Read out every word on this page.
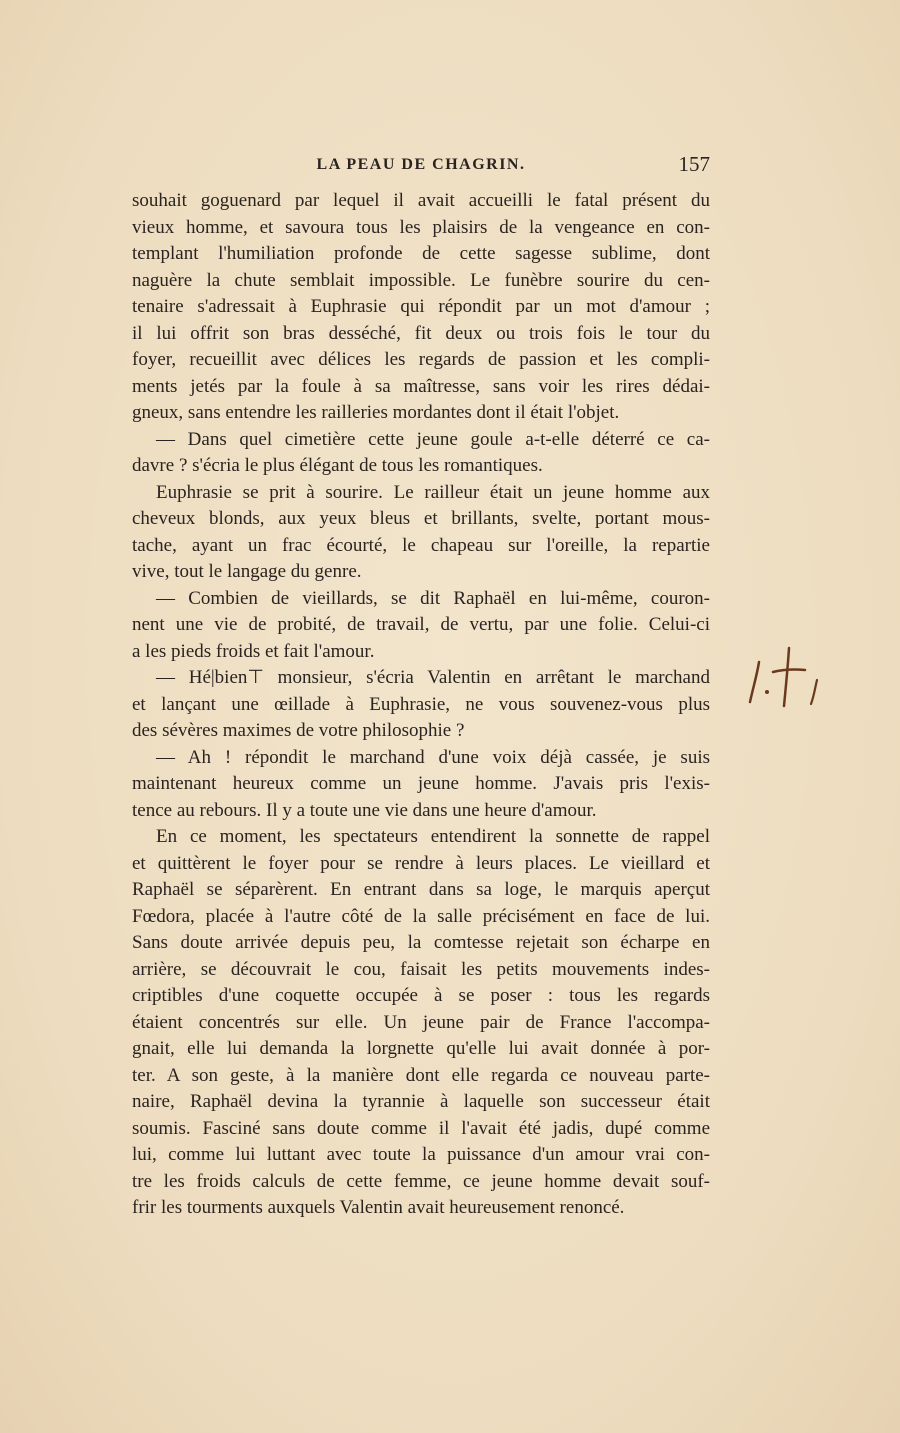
LA PEAU DE CHAGRIN.	157
souhait goguenard par lequel il avait accueilli le fatal présent du
vieux homme, et savoura tous les plaisirs de la vengeance en con-
templant l'humiliation profonde de cette sagesse sublime, dont
naguère la chute semblait impossible. Le funèbre sourire du cen-
tenaire s'adressait à Euphrasie qui répondit par un mot d'amour ;
il lui offrit son bras desséché, fit deux ou trois fois le tour du
foyer, recueillit avec délices les regards de passion et les compli-
ments jetés par la foule à sa maîtresse, sans voir les rires dédai-
gneux, sans entendre les railleries mordantes dont il était l'objet.
— Dans quel cimetière cette jeune goule a-t-elle déterré ce ca-
davre ? s'écria le plus élégant de tous les romantiques.
Euphrasie se prit à sourire. Le railleur était un jeune homme aux
cheveux blonds, aux yeux bleus et brillants, svelte, portant mous-
tache, ayant un frac écourté, le chapeau sur l'oreille, la repartie
vive, tout le langage du genre.
— Combien de vieillards, se dit Raphaël en lui-même, couron-
nent une vie de probité, de travail, de vertu, par une folie. Celui-ci
a les pieds froids et fait l'amour.
— Hé|bien⊤ monsieur, s'écria Valentin en arrêtant le marchand
et lançant une œillade à Euphrasie, ne vous souvenez-vous plus
des sévères maximes de votre philosophie ?
— Ah ! répondit le marchand d'une voix déjà cassée, je suis
maintenant heureux comme un jeune homme. J'avais pris l'exis-
tence au rebours. Il y a toute une vie dans une heure d'amour.
En ce moment, les spectateurs entendirent la sonnette de rappel
et quittèrent le foyer pour se rendre à leurs places. Le vieillard et
Raphaël se séparèrent. En entrant dans sa loge, le marquis aperçut
Fœdora, placée à l'autre côté de la salle précisément en face de lui.
Sans doute arrivée depuis peu, la comtesse rejetait son écharpe en
arrière, se découvrait le cou, faisait les petits mouvements indes-
criptibles d'une coquette occupée à se poser : tous les regards
étaient concentrés sur elle. Un jeune pair de France l'accompa-
gnait, elle lui demanda la lorgnette qu'elle lui avait donnée à por-
ter. A son geste, à la manière dont elle regarda ce nouveau parte-
naire, Raphaël devina la tyrannie à laquelle son successeur était
soumis. Fasciné sans doute comme il l'avait été jadis, dupé comme
lui, comme lui luttant avec toute la puissance d'un amour vrai con-
tre les froids calculs de cette femme, ce jeune homme devait souf-
frir les tourments auxquels Valentin avait heureusement renoncé.
